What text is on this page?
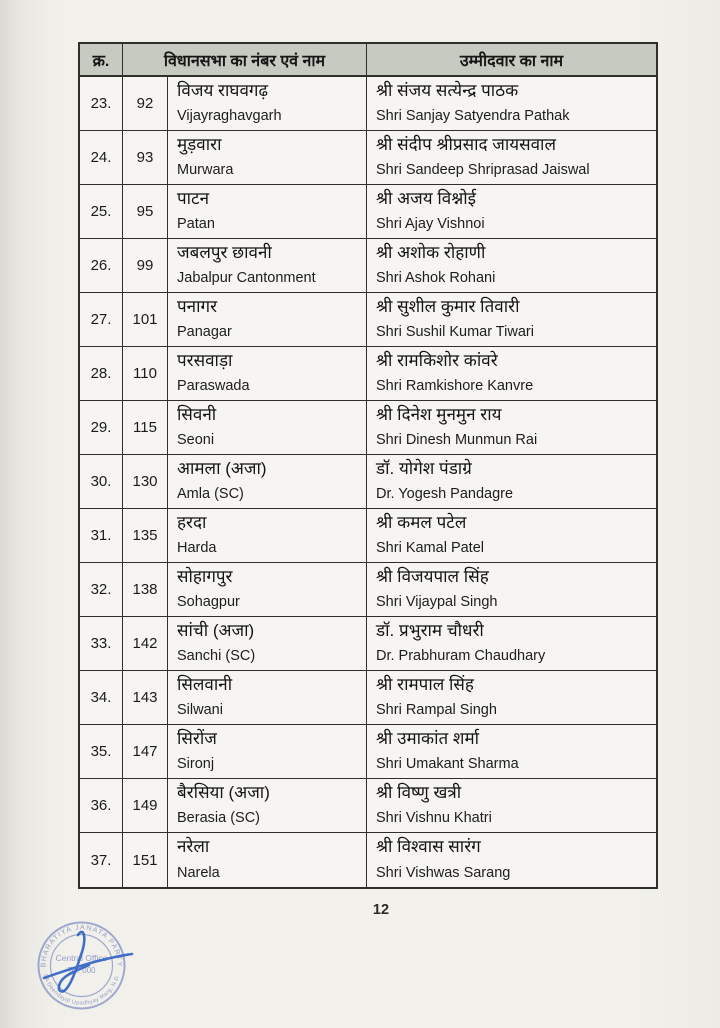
क्र.	विधानसभा का नंबर एवं नाम	उम्मीदवार का नाम
23. 92
विजय राघवगढ़
Vijayraghavgarh
श्री संजय सत्येन्द्र पाठक
Shri Sanjay Satyendra Pathak
24. 93
मुड़वारा
Murwara
श्री संदीप श्रीप्रसाद जायसवाल
Shri Sandeep Shriprasad Jaiswal
25. 95
पाटन
Patan
श्री अजय विश्नोई
Shri Ajay Vishnoi
26. 99
जबलपुर छावनी
Jabalpur Cantonment
श्री अशोक रोहाणी
Shri Ashok Rohani
27. 101
पनागर
Panagar
श्री सुशील कुमार तिवारी
Shri Sushil Kumar Tiwari
28. 110
परसवाड़ा
Paraswada
श्री रामकिशोर कांवरे
Shri Ramkishore Kanvre
29. 115
सिवनी
Seoni
श्री दिनेश मुनमुन राय
Shri Dinesh Munmun Rai
30. 130
आमला (अजा)
Amla (SC)
डॉ. योगेश पंडाग्रे
Dr. Yogesh Pandagre
31. 135
हरदा
Harda
श्री कमल पटेल
Shri Kamal Patel
32. 138
सोहागपुर
Sohagpur
श्री विजयपाल सिंह
Shri Vijaypal Singh
33. 142
सांची (अजा)
Sanchi (SC)
डॉ. प्रभुराम चौधरी
Dr. Prabhuram Chaudhary
34. 143
सिलवानी
Silwani
श्री रामपाल सिंह
Shri Rampal Singh
35. 147
सिरोंज
Sironj
श्री उमाकांत शर्मा
Shri Umakant Sharma
36. 149
बैरसिया (अजा)
Berasia (SC)
श्री विष्णु खत्री
Shri Vishnu Khatri
37. 151
नरेला
Narela
श्री विश्वास सारंग
Shri Vishwas Sarang
12
BHARATIYA JANATA PARTY
6A Deendayal Upadhyay Marg, N.D.
Central Office
Tel: 000
